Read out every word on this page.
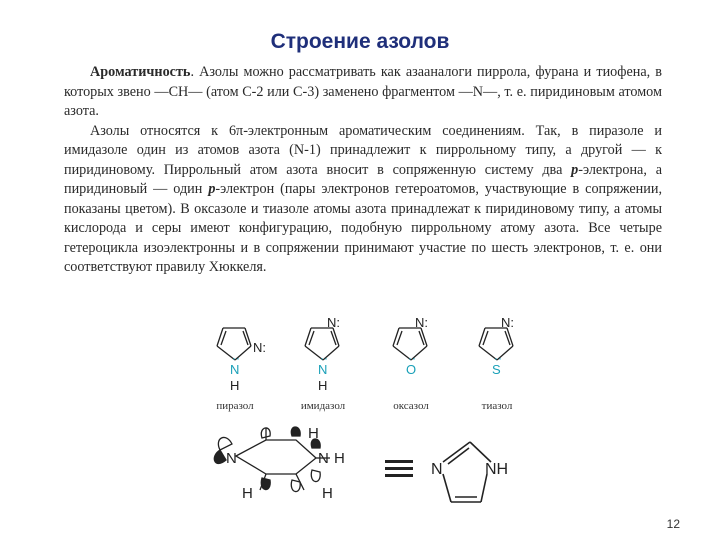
Строение азолов

Ароматичность. Азолы можно рассматривать как азааналоги пиррола, фурана и тиофена, в которых звено —CH— (атом С-2 или С-3) заменено фрагментом —N—, т. е. пиридиновым атомом азота.

Азолы относятся к 6π-электронным ароматическим соединениям. Так, в пиразоле и имидазоле один из атомов азота (N-1) принадлежит к пиррольному типу, а другой — к пиридиновому. Пиррольный атом азота вносит в сопряженную систему два р-электрона, а пиридиновый — один р-электрон (пары электронов гетероатомов, участвующие в сопряжении, показаны цветом). В оксазоле и тиазоле атомы азота принадлежат к пиридиновому типу, а атомы кислорода и серы имеют конфигурацию, подобную пиррольному атому азота. Все четыре гетероцикла изоэлектронны и в сопряжении принимают участие по шесть электронов, т. е. они соответствуют правилу Хюккеля.

N
··
H
N:
пиразол
N
··
H
N:
имидазол
O
··
N:
оксазол
S
··
N:
тиазол
N	N
H
H
H	H
N	NH
12
